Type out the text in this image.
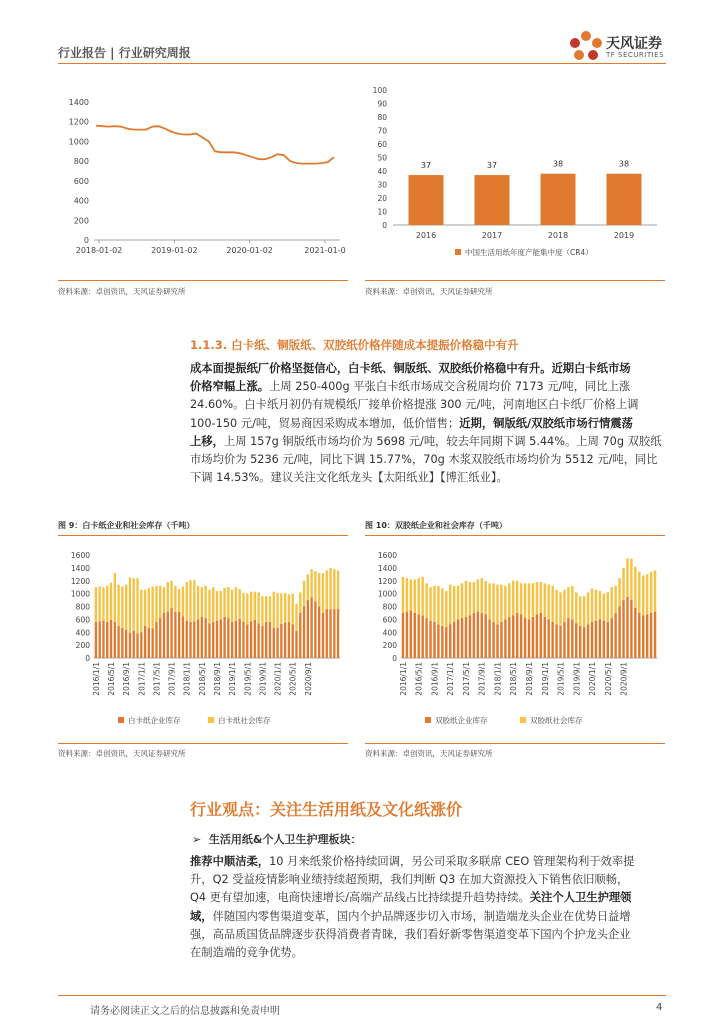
行业报告 | 行业研究周报
天风证券
TF SECURITIES
0
200
400
600
800
1000
1200
1400
2018-01-02	2019-01-02	2020-01-02	2021-01-0
资料来源：卓创资讯，天风证券研究所
0
10
20
30
40
50
60
70
80
90
100
37
2016
37
2017
38
2018
38
2019
中国生活用纸年度产能集中度（CR4）
资料来源：卓创资讯，天风证券研究所
1.1.3. 白卡纸、铜版纸、双胶纸价格伴随成本提振价格稳中有升
成本面提振纸厂价格坚挺信心，白卡纸、铜版纸、双胶纸价格稳中有升。近期白卡纸市场
价格窄幅上涨。上周 250-400g 平张白卡纸市场成交含税周均价 7173 元/吨，同比上涨
24.60%。白卡纸月初仍有规模纸厂接单价格提涨 300 元/吨，河南地区白卡纸厂价格上调
100-150 元/吨，贸易商因采购成本增加，低价惜售；近期，铜版纸/双胶纸市场行情震荡
上移，上周 157g 铜版纸市场均价为 5698 元/吨，较去年同期下调 5.44%。上周 70g 双胶纸
市场均价为 5236 元/吨，同比下调 15.77%，70g 木浆双胶纸市场均价为 5512 元/吨，同比
下调 14.53%。建议关注文化纸龙头【太阳纸业】【博汇纸业】。
图 9：白卡纸企业和社会库存（千吨）
0
200
400
600
800
1000
1200
1400
1600
2016/1/1 2016/5/1 2016/9/1 2017/1/1 2017/5/1 2017/9/1 2018/1/1 2018/5/1 2018/9/1 2019/1/1 2019/5/1 2019/9/1 2020/1/1 2020/5/1 2020/9/1
白卡纸企业库存	白卡纸社会库存
资料来源：卓创资讯，天风证券研究所
图 10：双胶纸企业和社会库存（千吨）
0
200
400
600
800
1000
1200
1400
1600
2016/1/1 2016/5/1 2016/9/1 2017/1/1 2017/5/1 2017/9/1 2018/1/1 2018/5/1 2018/9/1 2019/1/1 2019/5/1 2019/9/1 2020/1/1 2020/5/1 2020/9/1
双胶纸企业库存	双胶纸社会库存
资料来源：卓创资讯，天风证券研究所
行业观点：关注生活用纸及文化纸涨价
➢ 生活用纸&个人卫生护理板块：
推荐中顺洁柔，10 月来纸浆价格持续回调，另公司采取多联席 CEO 管理架构利于效率提
升，Q2 受益疫情影响业绩持续超预期，我们判断 Q3 在加大资源投入下销售依旧顺畅，
Q4 更有望加速，电商快速增长/高端产品线占比持续提升趋势持续。关注个人卫生护理领
域，伴随国内零售渠道变革，国内个护品牌逐步切入市场，制造端龙头企业在优势日益增
强，高品质国货品牌逐步获得消费者青睐，我们看好新零售渠道变革下国内个护龙头企业
在制造端的竞争优势。
请务必阅读正文之后的信息披露和免责申明	4
